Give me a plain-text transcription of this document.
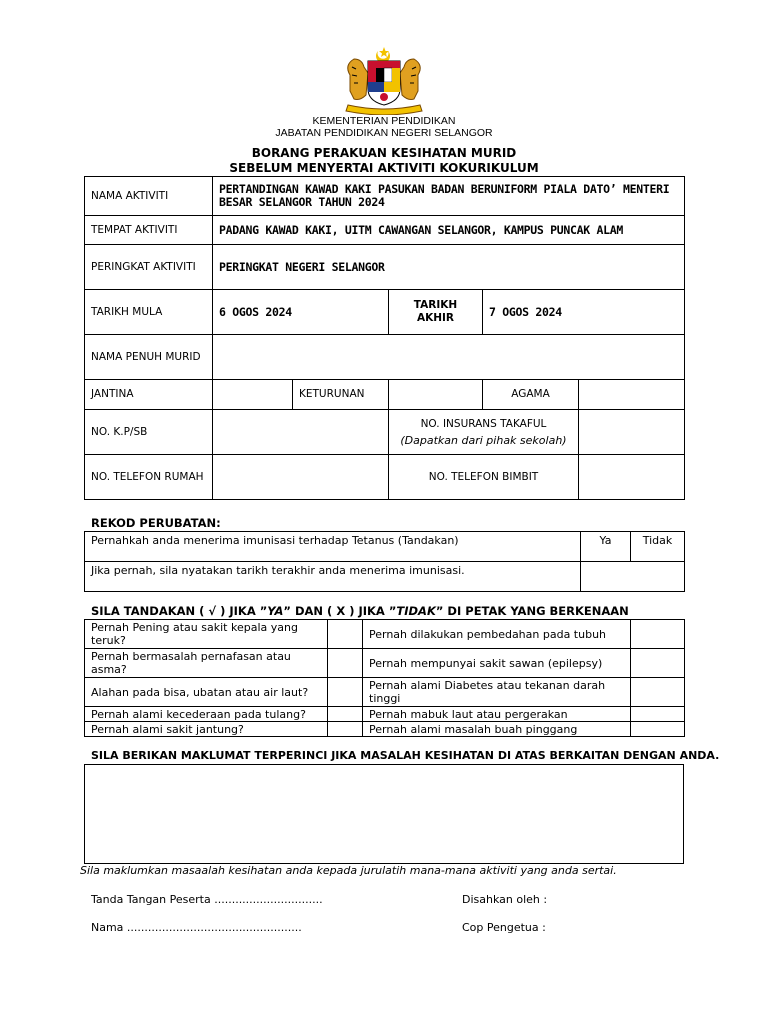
KEMENTERIAN PENDIDIKAN
JABATAN PENDIDIKAN NEGERI SELANGOR
BORANG PERAKUAN KESIHATAN MURID
SEBELUM MENYERTAI AKTIVITI KOKURIKULUM
NAMA AKTIVITI	PERTANDINGAN KAWAD KAKI PASUKAN BADAN BERUNIFORM PIALA DATO’ MENTERI BESAR SELANGOR TAHUN 2024				
TEMPAT AKTIVITI	PADANG KAWAD KAKI, UITM CAWANGAN SELANGOR, KAMPUS PUNCAK ALAM				
PERINGKAT AKTIVITI	PERINGKAT NEGERI SELANGOR				
TARIKH MULA	6 OGOS 2024		TARIKH AKHIR	7 OGOS 2024	
NAMA PENUH MURID					
JANTINA		KETURUNAN		AGAMA	
NO. K.P/SB			NO. INSURANS TAKAFUL
(Dapatkan dari pihak sekolah)		

NO. TELEFON RUMAH			NO. TELEFON BIMBIT		
REKOD PERUBATAN:
Pernahkah anda menerima imunisasi terhadap Tetanus (Tandakan)	Ya	Tidak
Jika pernah, sila nyatakan tarikh terakhir anda menerima imunisasi.		
SILA TANDAKAN ( √ ) JIKA ”YA” DAN ( X ) JIKA ”TIDAK” DI PETAK YANG BERKENAAN
Pernah Pening atau sakit kepala yang teruk?		Pernah dilakukan pembedahan pada tubuh	
Pernah bermasalah pernafasan atau asma?		Pernah mempunyai sakit sawan (epilepsy)	
Alahan pada bisa, ubatan atau air laut?		Pernah alami Diabetes atau tekanan darah tinggi	
Pernah alami kecederaan pada tulang?		Pernah mabuk laut atau pergerakan	
Pernah alami sakit jantung?		Pernah alami masalah buah pinggang	
SILA BERIKAN MAKLUMAT TERPERINCI JIKA MASALAH KESIHATAN DI ATAS BERKAITAN DENGAN ANDA.
Sila maklumkan masaalah kesihatan anda kepada jurulatih mana-mana aktiviti yang anda sertai.
Tanda Tangan Peserta ...............................
Nama ..................................................
Disahkan oleh :
Cop Pengetua :
